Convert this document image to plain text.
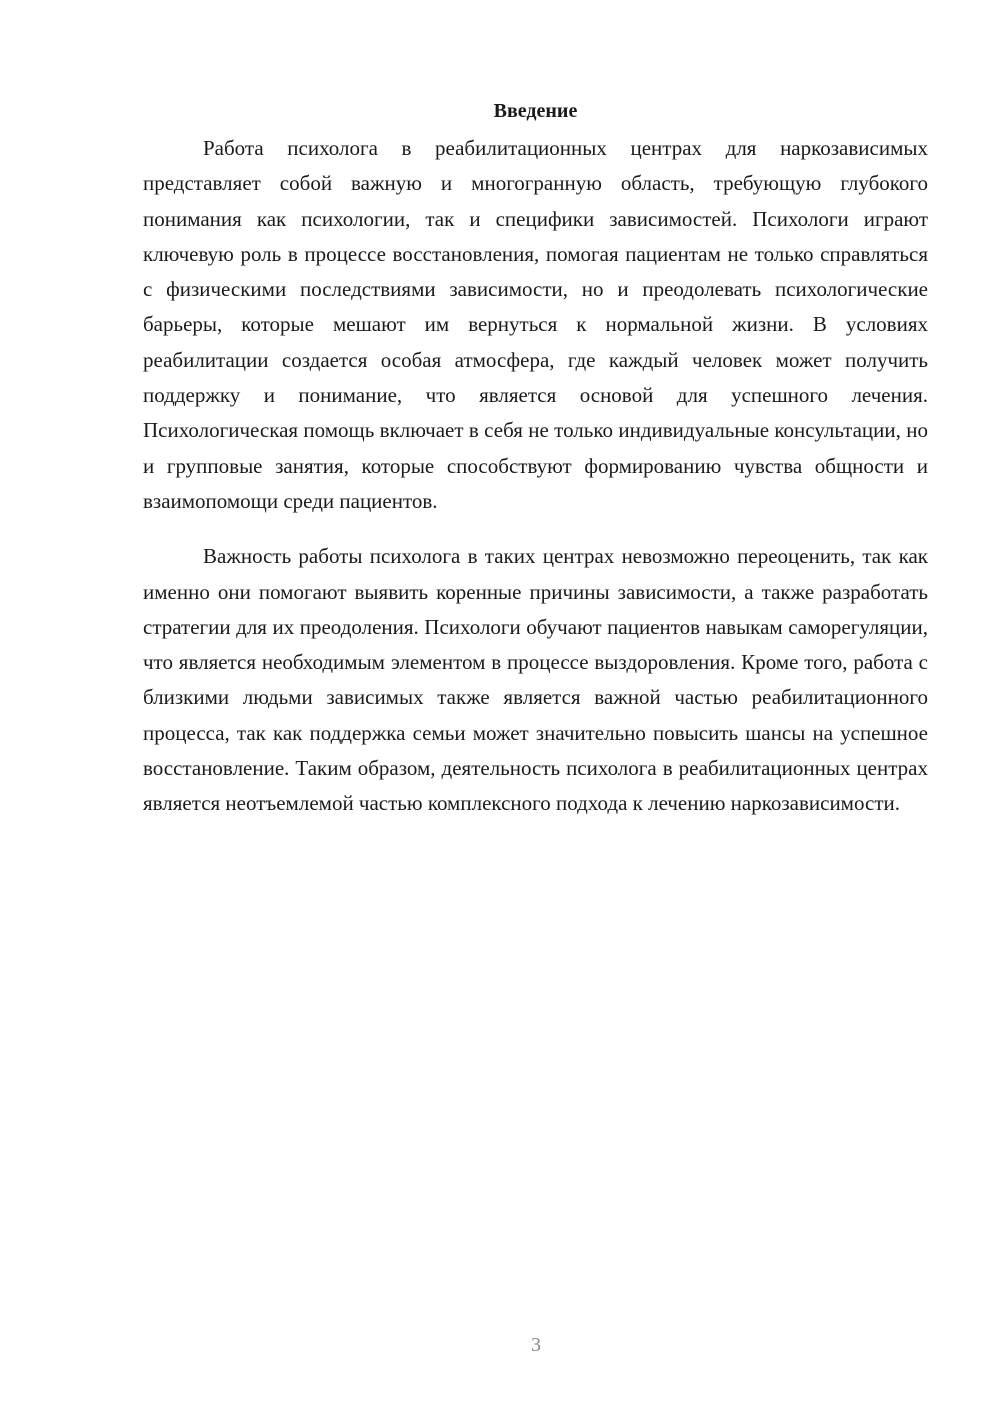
Введение

Работа психолога в реабилитационных центрах для наркозависимых представляет собой важную и многогранную область, требующую глубокого понимания как психологии, так и специфики зависимостей. Психологи играют ключевую роль в процессе восстановления, помогая пациентам не только справляться с физическими последствиями зависимости, но и преодолевать психологические барьеры, которые мешают им вернуться к нормальной жизни. В условиях реабилитации создается особая атмосфера, где каждый человек может получить поддержку и понимание, что является основой для успешного лечения. Психологическая помощь включает в себя не только индивидуальные консультации, но и групповые занятия, которые способствуют формированию чувства общности и взаимопомощи среди пациентов.

Важность работы психолога в таких центрах невозможно переоценить, так как именно они помогают выявить коренные причины зависимости, а также разработать стратегии для их преодоления. Психологи обучают пациентов навыкам саморегуляции, что является необходимым элементом в процессе выздоровления. Кроме того, работа с близкими людьми зависимых также является важной частью реабилитационного процесса, так как поддержка семьи может значительно повысить шансы на успешное восстановление. Таким образом, деятельность психолога в реабилитационных центрах является неотъемлемой частью комплексного подхода к лечению наркозависимости.

3
